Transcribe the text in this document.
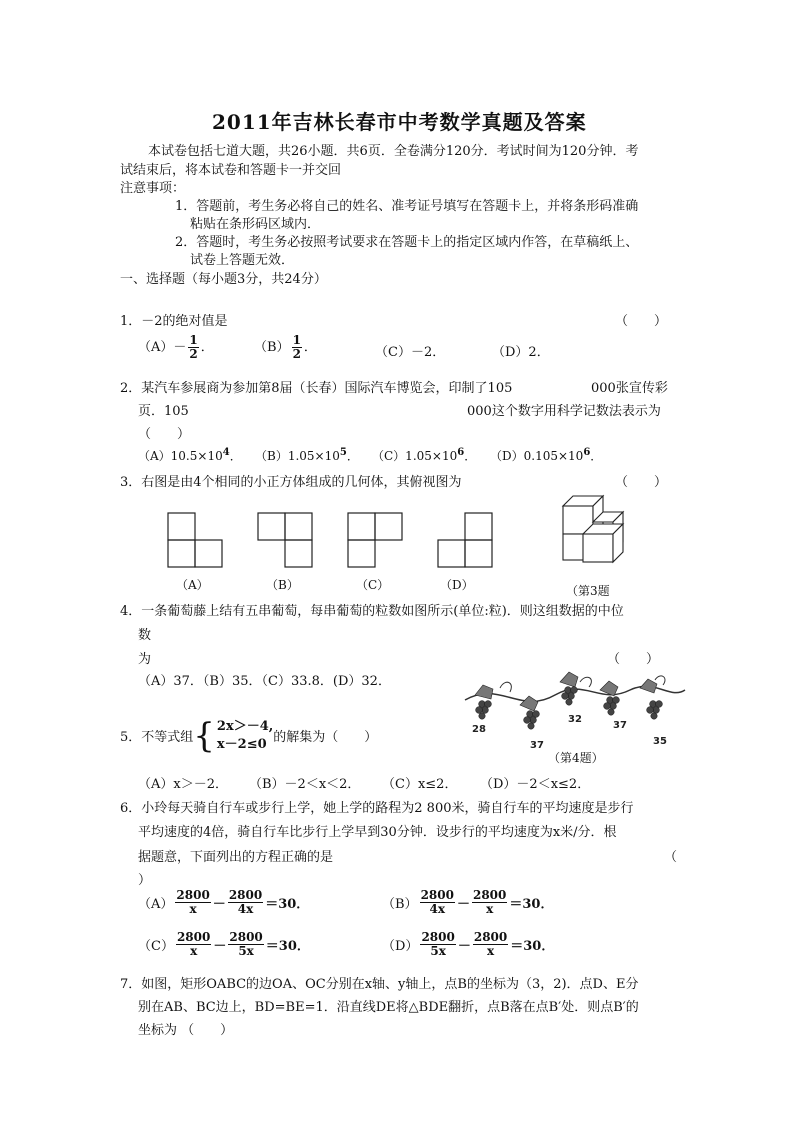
2011年吉林长春市中考数学真题及答案
本试卷包括七道大题，共26小题．共6页．全卷满分120分．考试时间为120分钟．考
试结束后，将本试卷和答题卡一并交回
注意事项：
1．答题前，考生务必将自己的姓名、准考证号填写在答题卡上，并将条形码准确
粘贴在条形码区域内．
2．答题时，考生务必按照考试要求在答题卡上的指定区域内作答，在草稿纸上、
试卷上答题无效．
一、选择题（每小题3分，共24分）
1．－2的绝对值是	（　　）
$(A)- \frac{1}{2}$ ．	$(B) \frac{1}{2}$ ．	（C）－2．	（D）2．
2．某汽车参展商为参加第8届（长春）国际汽车博览会，印制了105	000张宣传彩
页．105	000这个数字用科学记数法表示为
（　　）
$(A)10.5\times 10^4$． $(B)1.05\times 10^5$． $(C)1.05\times 10^6$． $(D)0.105\times 10^6$．
3．右图是由4个相同的小正方体组成的几何体，其俯视图为	（　　）
（A）	（B）	（C）	（D）	（第3题
4．一条葡萄藤上结有五串葡萄，每串葡萄的粒数如图所示(单位:粒)．则这组数据的中位
数
为	（　　）
（A）37．（B）35．（C）33.8．(D）32．
28
37
32
37
35
（第4题）
5．不等式组 { 2x＞－4,
x－2≤0 的解集为（　　）
（A）x＞－2． （B）－2＜x＜2． （C）x≤2． （D）－2＜x≤2．
6．小玲每天骑自行车或步行上学，她上学的路程为2 800米，骑自行车的平均速度是步行
平均速度的4倍，骑自行车比步行上学早到30分钟．设步行的平均速度为x米/分．根
据题意，下面列出的方程正确的是	（
）
$(A) \frac{2800}{x} - \frac{2800}{4x} =30$．	$(B) \frac{2800}{4x} - \frac{2800}{x} =30$．
$(C) \frac{2800}{x} - \frac{2800}{5x} =30$．	$(D) \frac{2800}{5x} - \frac{2800}{x} =30$．
7．如图，矩形OABC的边OA、OC分别在x轴、y轴上，点B的坐标为（3，2)．点D、E分
别在AB、BC边上，BD=BE=1．沿直线DE将△BDE翻折，点B落在点B′处．则点B′的
坐标为 （　　）
